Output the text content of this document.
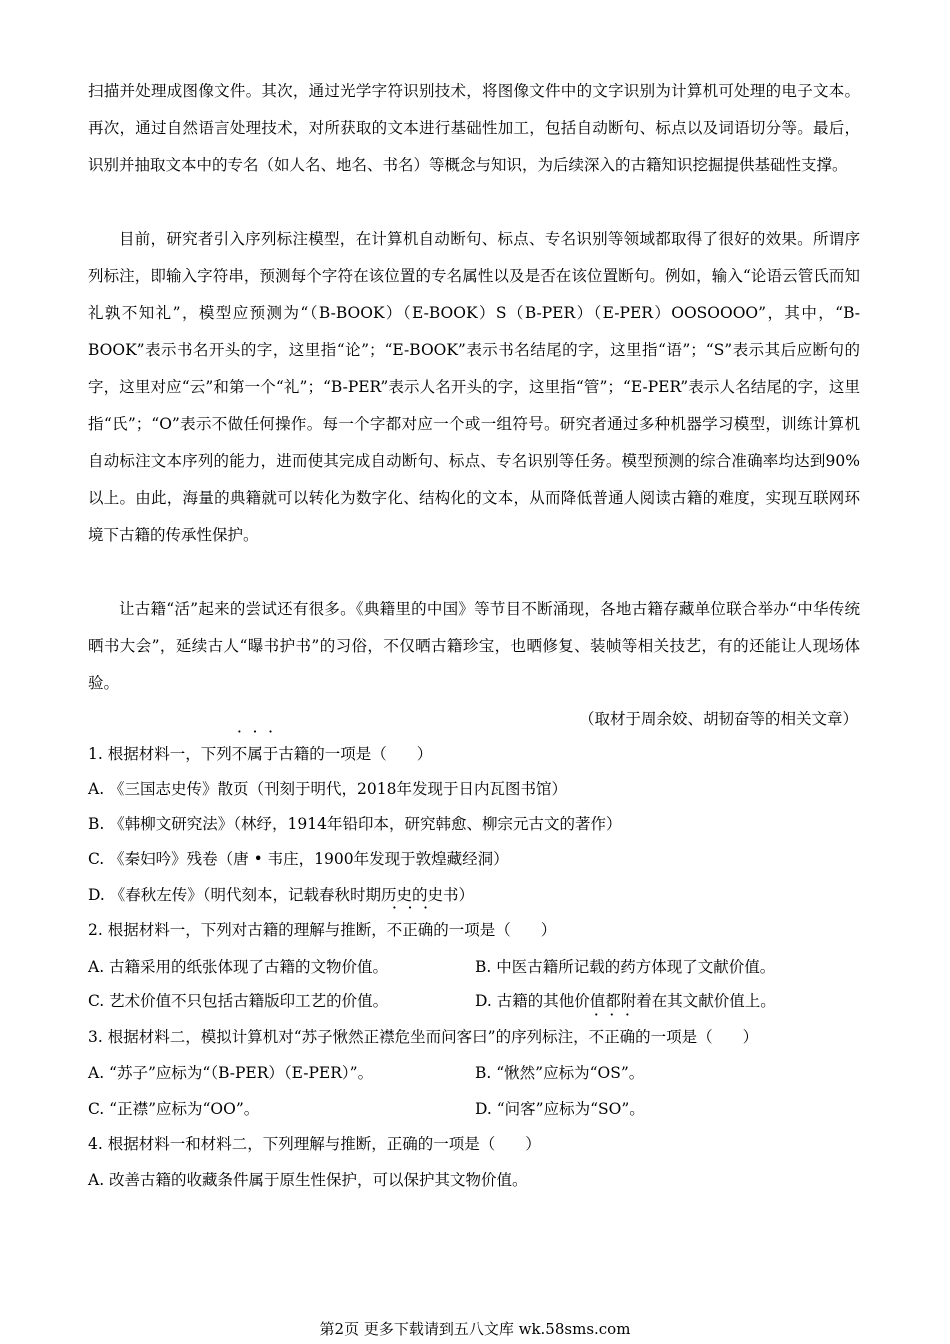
扫描并处理成图像文件。其次，通过光学字符识别技术，将图像文件中的文字识别为计算机可处理的电子文本。再次，通过自然语言处理技术，对所获取的文本进行基础性加工，包括自动断句、标点以及词语切分等。最后，识别并抽取文本中的专名（如人名、地名、书名）等概念与知识，为后续深入的古籍知识挖掘提供基础性支撑。

目前，研究者引入序列标注模型，在计算机自动断句、标点、专名识别等领域都取得了很好的效果。所谓序列标注，即输入字符串，预测每个字符在该位置的专名属性以及是否在该位置断句。例如，输入“论语云管氏而知礼孰不知礼”，模型应预测为“（B-BOOK）（E-BOOK）S（B-PER）（E-PER）OOSOOOO”，其中，“B-BOOK”表示书名开头的字，这里指“论”；“E-BOOK”表示书名结尾的字，这里指“语”；“S”表示其后应断句的字，这里对应“云”和第一个“礼”；“B-PER”表示人名开头的字，这里指“管”；“E-PER”表示人名结尾的字，这里指“氏”；“O”表示不做任何操作。每一个字都对应一个或一组符号。研究者通过多种机器学习模型，训练计算机自动标注文本序列的能力，进而使其完成自动断句、标点、专名识别等任务。模型预测的综合准确率均达到90%以上。由此，海量的典籍就可以转化为数字化、结构化的文本，从而降低普通人阅读古籍的难度，实现互联网环境下古籍的传承性保护。

让古籍“活”起来的尝试还有很多。《典籍里的中国》等节目不断涌现，各地古籍存藏单位联合举办“中华传统晒书大会”，延续古人“曝书护书”的习俗，不仅晒古籍珍宝，也晒修复、装帧等相关技艺，有的还能让人现场体验。

（取材于周余姣、胡韧奋等的相关文章）
1. 根据材料一，下列不属于古籍的一项是（ ）
A. 《三国志史传》散页（刊刻于明代，2018年发现于日内瓦图书馆）
B. 《韩柳文研究法》（林纾，1914年铅印本，研究韩愈、柳宗元古文的著作）
C. 《秦妇吟》残卷（唐 • 韦庄，1900年发现于敦煌藏经洞）
D. 《春秋左传》（明代刻本，记载春秋时期历史的史书）
2. 根据材料一，下列对古籍的理解与推断，不正确的一项是（ ）
A. 古籍采用的纸张体现了古籍的文物价值。	B. 中医古籍所记载的药方体现了文献价值。
C. 艺术价值不只包括古籍版印工艺的价值。	D. 古籍的其他价值都附着在其文献价值上。
3. 根据材料二，模拟计算机对“苏子愀然正襟危坐而问客曰”的序列标注，不正确的一项是（ ）
A. “苏子”应标为“（B-PER）（E-PER）”。	B. “愀然”应标为“OS”。
C. “正襟”应标为“OO”。	D. “问客”应标为“SO”。
4. 根据材料一和材料二，下列理解与推断，正确的一项是（ ）
A. 改善古籍的收藏条件属于原生性保护，可以保护其文物价值。
第2页 更多下载请到五八文库 wk.58sms.com
